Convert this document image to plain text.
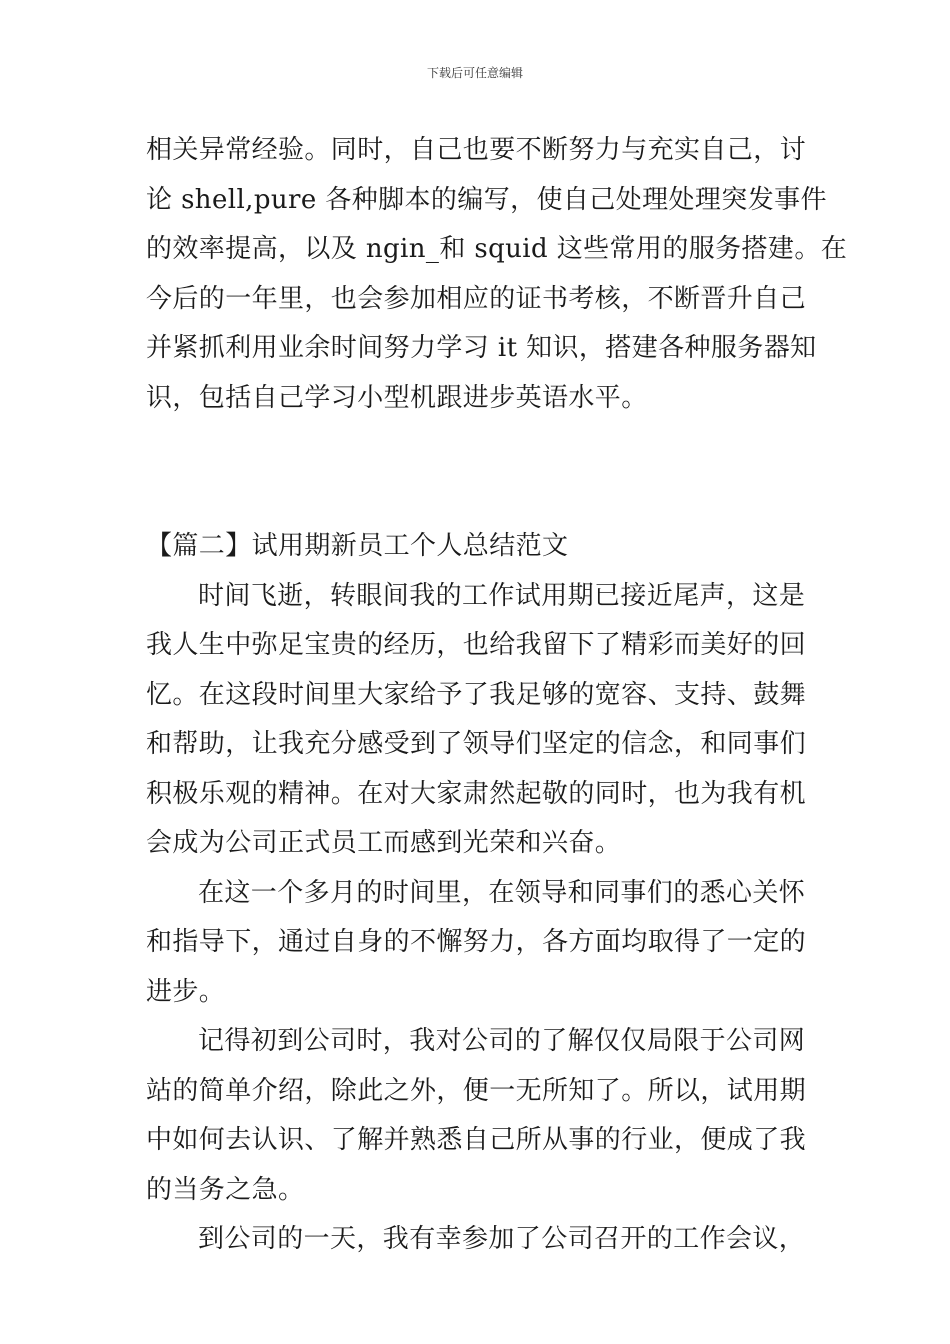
下载后可任意编辑
相关异常经验。同时，自己也要不断努力与充实自己，讨
论 shell,pure 各种脚本的编写，使自己处理处理突发事件
的效率提高，以及 ngin_和 squid 这些常用的服务搭建。在
今后的一年里，也会参加相应的证书考核，不断晋升自己
并紧抓利用业余时间努力学习 it 知识，搭建各种服务器知
识，包括自己学习小型机跟进步英语水平。
【篇二】试用期新员工个人总结范文
时间飞逝，转眼间我的工作试用期已接近尾声，这是
我人生中弥足宝贵的经历，也给我留下了精彩而美好的回
忆。在这段时间里大家给予了我足够的宽容、支持、鼓舞
和帮助，让我充分感受到了领导们坚定的信念，和同事们
积极乐观的精神。在对大家肃然起敬的同时，也为我有机
会成为公司正式员工而感到光荣和兴奋。
在这一个多月的时间里，在领导和同事们的悉心关怀
和指导下，通过自身的不懈努力，各方面均取得了一定的
进步。
记得初到公司时，我对公司的了解仅仅局限于公司网
站的简单介绍，除此之外，便一无所知了。所以，试用期
中如何去认识、了解并熟悉自己所从事的行业，便成了我
的当务之急。
到公司的一天，我有幸参加了公司召开的工作会议，
